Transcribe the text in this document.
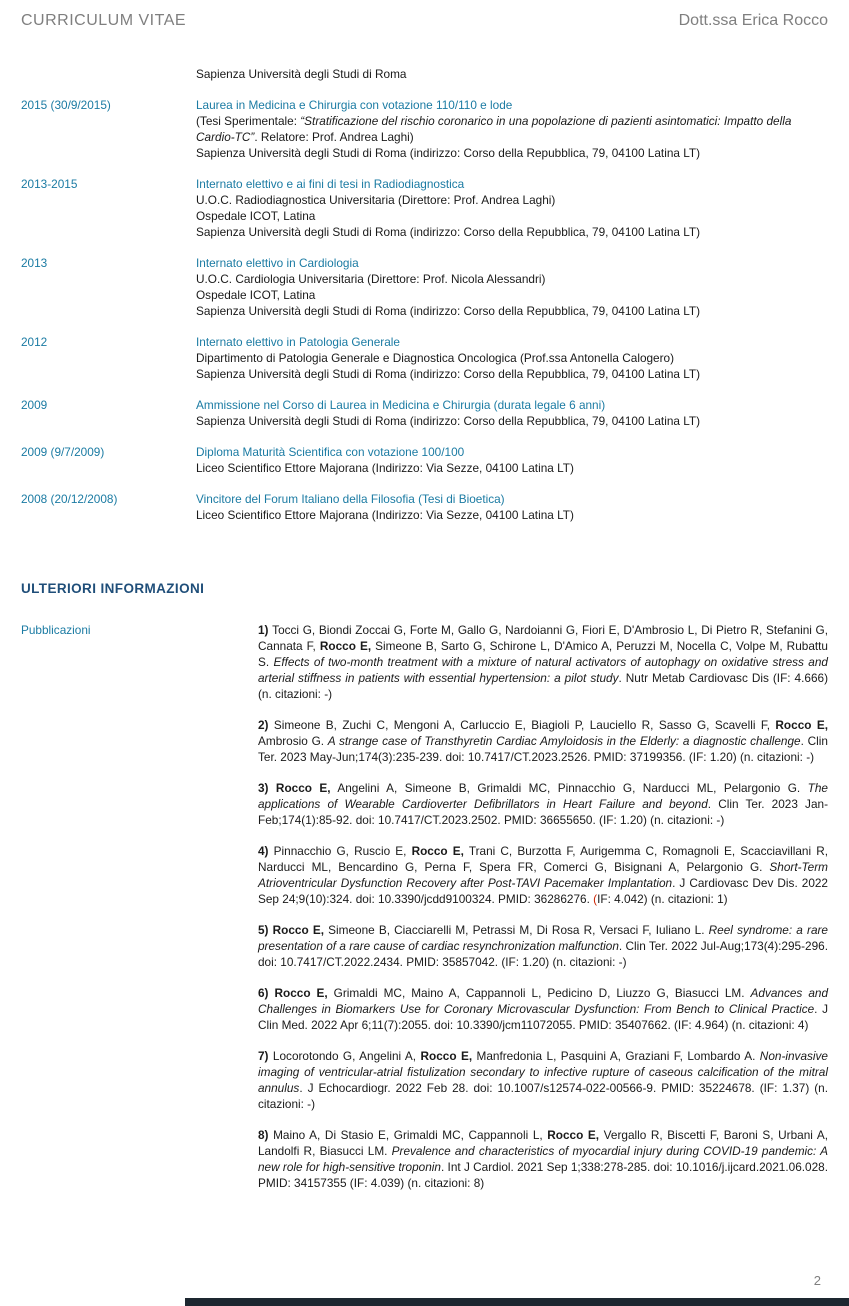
CURRICULUM VITAE	Dott.ssa Erica Rocco
Sapienza Università degli Studi di Roma
2015 (30/9/2015)	Laurea in Medicina e Chirurgia con votazione 110/110 e lode
(Tesi Sperimentale: “Stratificazione del rischio coronarico in una popolazione di pazienti asintomatici: Impatto della Cardio-TC”. Relatore: Prof. Andrea Laghi)
Sapienza Università degli Studi di Roma (indirizzo: Corso della Repubblica, 79, 04100 Latina LT)
2013-2015	Internato elettivo e ai fini di tesi in Radiodiagnostica
U.O.C. Radiodiagnostica Universitaria (Direttore: Prof. Andrea Laghi)
Ospedale ICOT, Latina
Sapienza Università degli Studi di Roma (indirizzo: Corso della Repubblica, 79, 04100 Latina LT)
2013	Internato elettivo in Cardiologia
U.O.C. Cardiologia Universitaria (Direttore: Prof. Nicola Alessandri)
Ospedale ICOT, Latina
Sapienza Università degli Studi di Roma (indirizzo: Corso della Repubblica, 79, 04100 Latina LT)
2012	Internato elettivo in Patologia Generale
Dipartimento di Patologia Generale e Diagnostica Oncologica (Prof.ssa Antonella Calogero)
Sapienza Università degli Studi di Roma (indirizzo: Corso della Repubblica, 79, 04100 Latina LT)
2009	Ammissione nel Corso di Laurea in Medicina e Chirurgia (durata legale 6 anni)
Sapienza Università degli Studi di Roma (indirizzo: Corso della Repubblica, 79, 04100 Latina LT)
2009 (9/7/2009)	Diploma Maturità Scientifica con votazione 100/100
Liceo Scientifico Ettore Majorana (Indirizzo: Via Sezze, 04100 Latina LT)
2008 (20/12/2008)	Vincitore del Forum Italiano della Filosofia (Tesi di Bioetica)
Liceo Scientifico Ettore Majorana (Indirizzo: Via Sezze, 04100 Latina LT)
ULTERIORI INFORMAZIONI
Pubblicazioni	1) Tocci G, Biondi Zoccai G, Forte M, Gallo G, Nardoianni G, Fiori E, D'Ambrosio L, Di Pietro R, Stefanini G, Cannata F, Rocco E, Simeone B, Sarto G, Schirone L, D'Amico A, Peruzzi M, Nocella C, Volpe M, Rubattu S. Effects of two-month treatment with a mixture of natural activators of autophagy on oxidative stress and arterial stiffness in patients with essential hypertension: a pilot study. Nutr Metab Cardiovasc Dis (IF: 4.666) (n. citazioni: -)
2) Simeone B, Zuchi C, Mengoni A, Carluccio E, Biagioli P, Lauciello R, Sasso G, Scavelli F, Rocco E, Ambrosio G. A strange case of Transthyretin Cardiac Amyloidosis in the Elderly: a diagnostic challenge. Clin Ter. 2023 May-Jun;174(3):235-239. doi: 10.7417/CT.2023.2526. PMID: 37199356. (IF: 1.20) (n. citazioni: -)
3) Rocco E, Angelini A, Simeone B, Grimaldi MC, Pinnacchio G, Narducci ML, Pelargonio G. The applications of Wearable Cardioverter Defibrillators in Heart Failure and beyond. Clin Ter. 2023 Jan-Feb;174(1):85-92. doi: 10.7417/CT.2023.2502. PMID: 36655650. (IF: 1.20) (n. citazioni: -)
4) Pinnacchio G, Ruscio E, Rocco E, Trani C, Burzotta F, Aurigemma C, Romagnoli E, Scacciavillani R, Narducci ML, Bencardino G, Perna F, Spera FR, Comerci G, Bisignani A, Pelargonio G. Short-Term Atrioventricular Dysfunction Recovery after Post-TAVI Pacemaker Implantation. J Cardiovasc Dev Dis. 2022 Sep 24;9(10):324. doi: 10.3390/jcdd9100324. PMID: 36286276. (IF: 4.042) (n. citazioni: 1)
5) Rocco E, Simeone B, Ciacciarelli M, Petrassi M, Di Rosa R, Versaci F, Iuliano L. Reel syndrome: a rare presentation of a rare cause of cardiac resynchronization malfunction. Clin Ter. 2022 Jul-Aug;173(4):295-296. doi: 10.7417/CT.2022.2434. PMID: 35857042. (IF: 1.20) (n. citazioni: -)
6) Rocco E, Grimaldi MC, Maino A, Cappannoli L, Pedicino D, Liuzzo G, Biasucci LM. Advances and Challenges in Biomarkers Use for Coronary Microvascular Dysfunction: From Bench to Clinical Practice. J Clin Med. 2022 Apr 6;11(7):2055. doi: 10.3390/jcm11072055. PMID: 35407662. (IF: 4.964) (n. citazioni: 4)
7) Locorotondo G, Angelini A, Rocco E, Manfredonia L, Pasquini A, Graziani F, Lombardo A. Non-invasive imaging of ventricular-atrial fistulization secondary to infective rupture of caseous calcification of the mitral annulus. J Echocardiogr. 2022 Feb 28. doi: 10.1007/s12574-022-00566-9. PMID: 35224678. (IF: 1.37) (n. citazioni: -)
8) Maino A, Di Stasio E, Grimaldi MC, Cappannoli L, Rocco E, Vergallo R, Biscetti F, Baroni S, Urbani A, Landolfi R, Biasucci LM. Prevalence and characteristics of myocardial injury during COVID-19 pandemic: A new role for high-sensitive troponin. Int J Cardiol. 2021 Sep 1;338:278-285. doi: 10.1016/j.ijcard.2021.06.028. PMID: 34157355 (IF: 4.039) (n. citazioni: 8)
2
